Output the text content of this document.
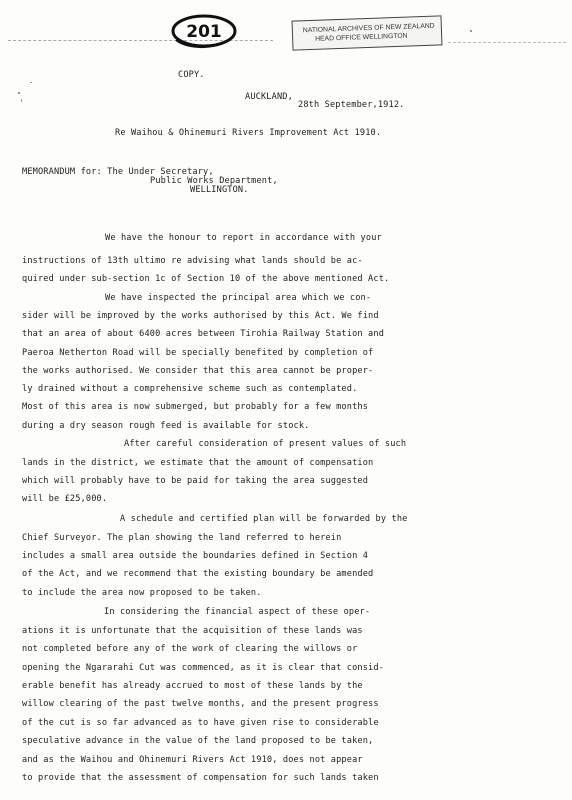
201	NATIONAL ARCHIVES OF NEW ZEALAND
HEAD OFFICE WELLINGTON
COPY.
AUCKLAND,
28th September,1912.
Re Waihou & Ohinemuri Rivers Improvement Act 1910.
MEMORANDUM for: The Under Secretary,
Public Works Department,
WELLINGTON.
We have the honour to report in accordance with your
instructions of 13th ultimo re advising what lands should be ac-
quired under sub-section 1c of Section 10 of the above mentioned Act.
We have inspected the principal area which we con-
sider will be improved by the works authorised by this Act. We find
that an area of about 6400 acres between Tirohia Railway Station and
Paeroa Netherton Road will be specially benefited by completion of
the works authorised. We consider that this area cannot be proper-
ly drained without a comprehensive scheme such as contemplated.
Most of this area is now submerged, but probably for a few months
during a dry season rough feed is available for stock.
After careful consideration of present values of such
lands in the district, we estimate that the amount of compensation
which will probably have to be paid for taking the area suggested
will be £25,000.
A schedule and certified plan will be forwarded by the
Chief Surveyor. The plan showing the land referred to herein
includes a small area outside the boundaries defined in Section 4
of the Act, and we recommend that the existing boundary be amended
to include the area now proposed to be taken.
In considering the financial aspect of these oper-
ations it is unfortunate that the acquisition of these lands was
not completed before any of the work of clearing the willows or
opening the Ngararahi Cut was commenced, as it is clear that consid-
erable benefit has already accrued to most of these lands by the
willow clearing of the past twelve months, and the present progress
of the cut is so far advanced as to have given rise to considerable
speculative advance in the value of the land proposed to be taken,
and as the Waihou and Ohinemuri Rivers Act 1910, does not appear
to provide that the assessment of compensation for such lands taken
